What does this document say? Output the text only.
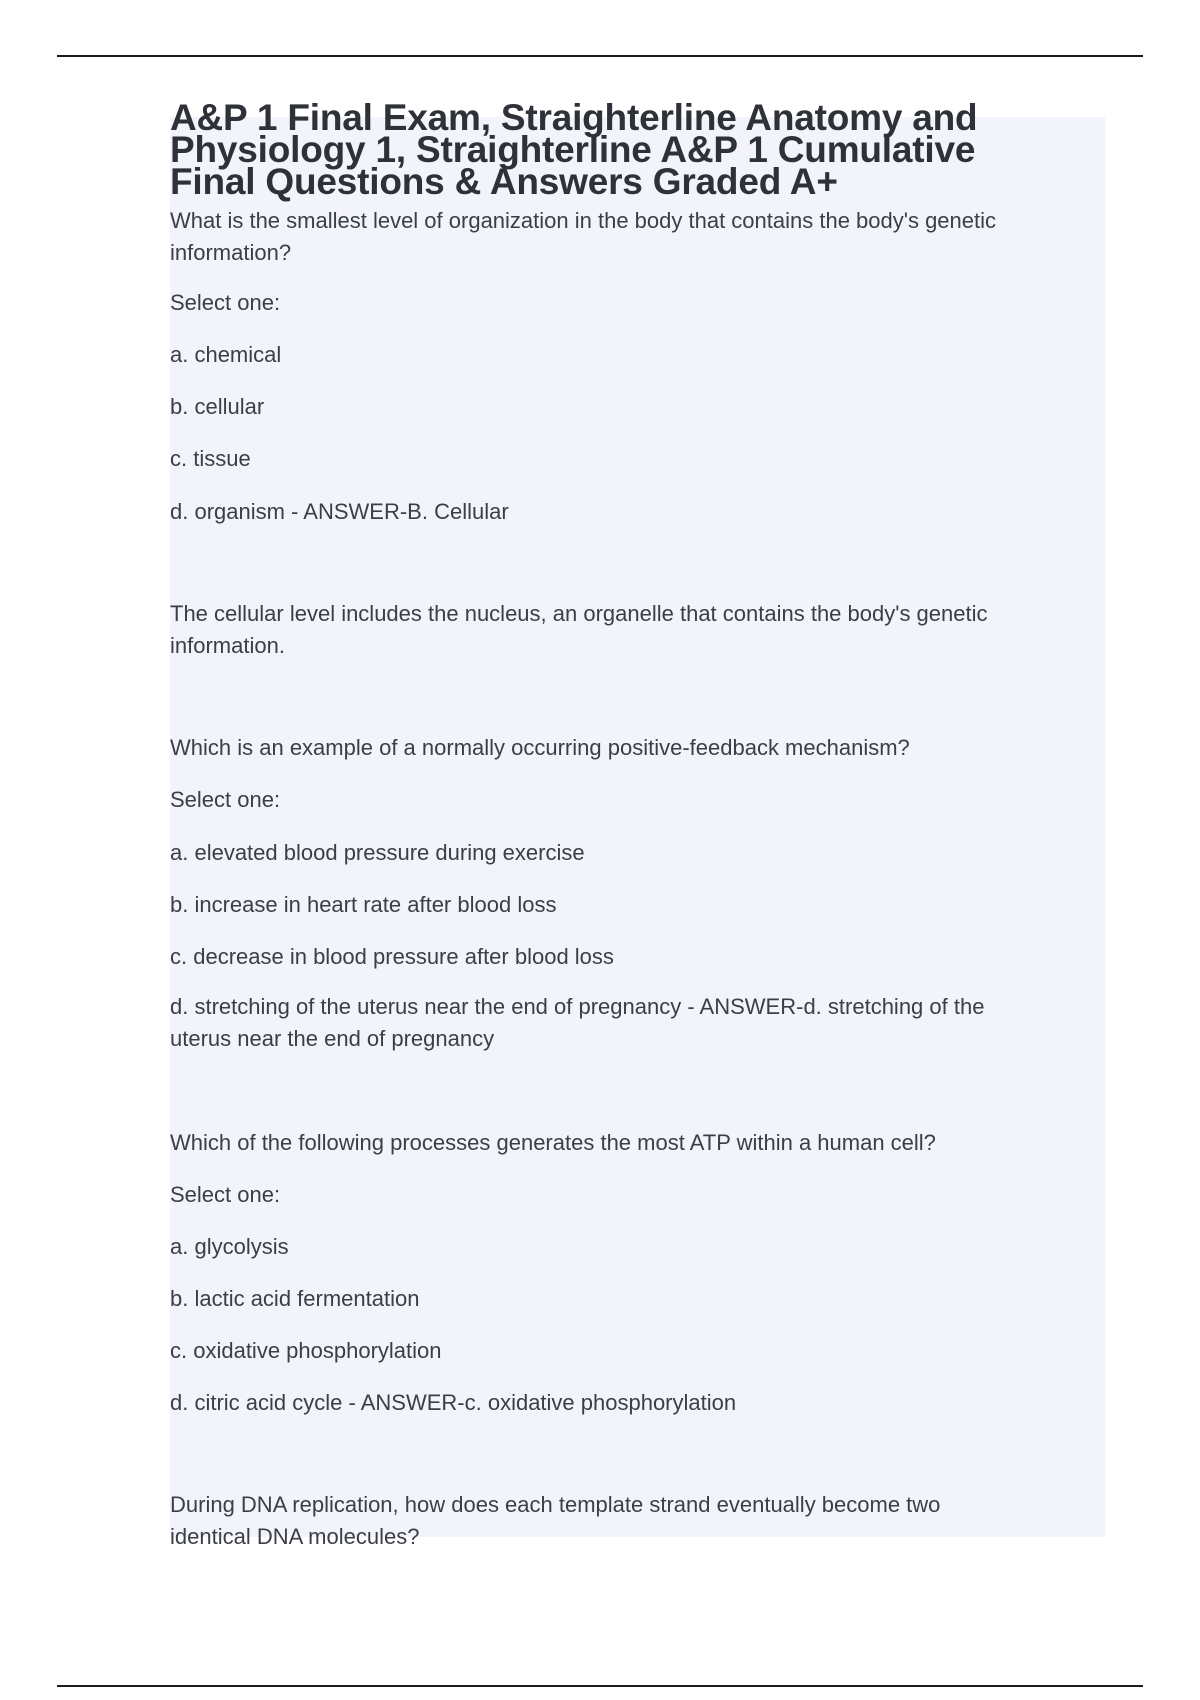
A&P 1 Final Exam, Straighterline Anatomy and
Physiology 1, Straighterline A&P 1 Cumulative
Final Questions & Answers Graded A+

What is the smallest level of organization in the body that contains the body's genetic
information?

Select one:

a. chemical

b. cellular

c. tissue

d. organism - ANSWER-B. Cellular

The cellular level includes the nucleus, an organelle that contains the body's genetic
information.

Which is an example of a normally occurring positive-feedback mechanism?

Select one:

a. elevated blood pressure during exercise

b. increase in heart rate after blood loss

c. decrease in blood pressure after blood loss

d. stretching of the uterus near the end of pregnancy - ANSWER-d. stretching of the
uterus near the end of pregnancy

Which of the following processes generates the most ATP within a human cell?

Select one:

a. glycolysis

b. lactic acid fermentation

c. oxidative phosphorylation

d. citric acid cycle - ANSWER-c. oxidative phosphorylation

During DNA replication, how does each template strand eventually become two
identical DNA molecules?
